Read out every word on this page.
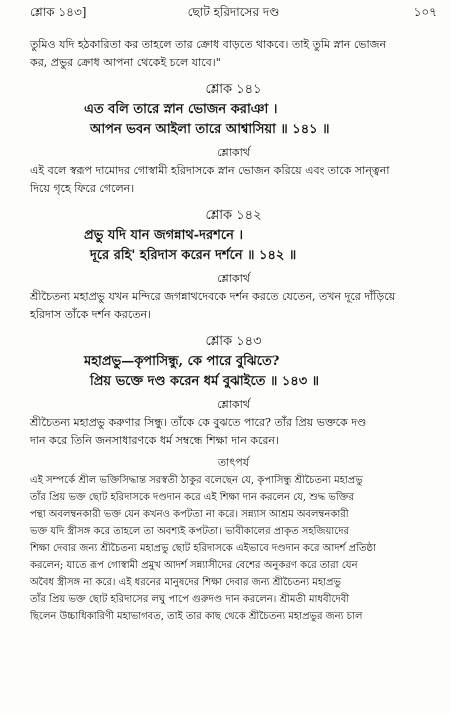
শ্লোক ১৪৩]	ছোট হরিদাসের দণ্ড	১০৭

তুমিও যদি হঠকারিতা কর তাহলে তার ক্রোধ বাড়তে থাকবে। তাই তুমি স্নান ভোজন

কর, প্রভুর ক্রোধ আপনা থেকেই চলে যাবে।"

শ্লোক ১৪১
এত বলি তারে স্নান ভোজন করাঞা ।
আপন ভবন আইলা তারে আশ্বাসিয়া ॥ ১৪১ ॥
শ্লোকার্থ

এই বলে স্বরূপ দামোদর গোস্বামী হরিদাসকে স্নান ভোজন করিয়ে এবং তাকে সান্ত্বনা

দিয়ে গৃহে ফিরে গেলেন।

শ্লোক ১৪২
প্রভু যদি যান জগন্নাথ-দরশনে ।
দূরে রহি' হরিদাস করেন দর্শনে ॥ ১৪২ ॥
শ্লোকার্থ

শ্রীচৈতন্য মহাপ্রভু যখন মন্দিরে জগন্নাথদেবকে দর্শন করতে যেতেন, তখন দূরে দাঁড়িয়ে

হরিদাস তাঁকে দর্শন করতেন।

শ্লোক ১৪৩
মহাপ্রভু—কৃপাসিন্ধু, কে পারে বুঝিতে?
প্রিয় ভক্তে দণ্ড করেন ধর্ম বুঝাইতে ॥ ১৪৩ ॥
শ্লোকার্থ

শ্রীচৈতন্য মহাপ্রভু করুণার সিন্ধু। তাঁকে কে বুঝতে পারে? তাঁর প্রিয় ভক্তকে দণ্ড

দান করে তিনি জনসাধারণকে ধর্ম সম্বন্ধে শিক্ষা দান করেন।

তাৎপর্য

এই সম্পর্কে শ্রীল ভক্তিসিদ্ধান্ত সরস্বতী ঠাকুর বলেছেন যে, কৃপাসিন্ধু শ্রীচৈতন্য মহাপ্রভু

তাঁর প্রিয় ভক্ত ছোট হরিদাসকে দণ্ডদান করে এই শিক্ষা দান করলেন যে, শুদ্ধ ভক্তির

পন্থা অবলম্বনকারী ভক্ত যেন কখনও কপটতা না করে। সন্ন্যাস আশ্রম অবলম্বনকারী

ভক্ত যদি স্ত্রীসঙ্গ করে তাহলে তা অবশ্যই কপটতা। ভাবীকালের প্রাকৃত সহজিয়াদের

শিক্ষা দেবার জন্য শ্রীচৈতন্য মহাপ্রভু ছোট হরিদাসকে এইভাবে দণ্ডদান করে আদর্শ প্রতিষ্ঠা

করলেন; যাতে রূপ গোস্বামী প্রমুখ আদর্শ সন্ন্যাসীদের বেশের অনুকরণ করে তারা যেন

অবৈধ স্ত্রীসঙ্গ না করে। এই ধরনের মানুষদের শিক্ষা দেবার জন্য শ্রীচৈতন্য মহাপ্রভু

তাঁর প্রিয় ভক্ত ছোট হরিদাসের লঘু পাপে গুরুদণ্ড দান করলেন। শ্রীমতী মাধবীদেবী

ছিলেন উচ্চাধিকারিণী মহাভাগবত, তাই তার কাছ থেকে শ্রীচৈতন্য মহাপ্রভুর জন্য চাল
